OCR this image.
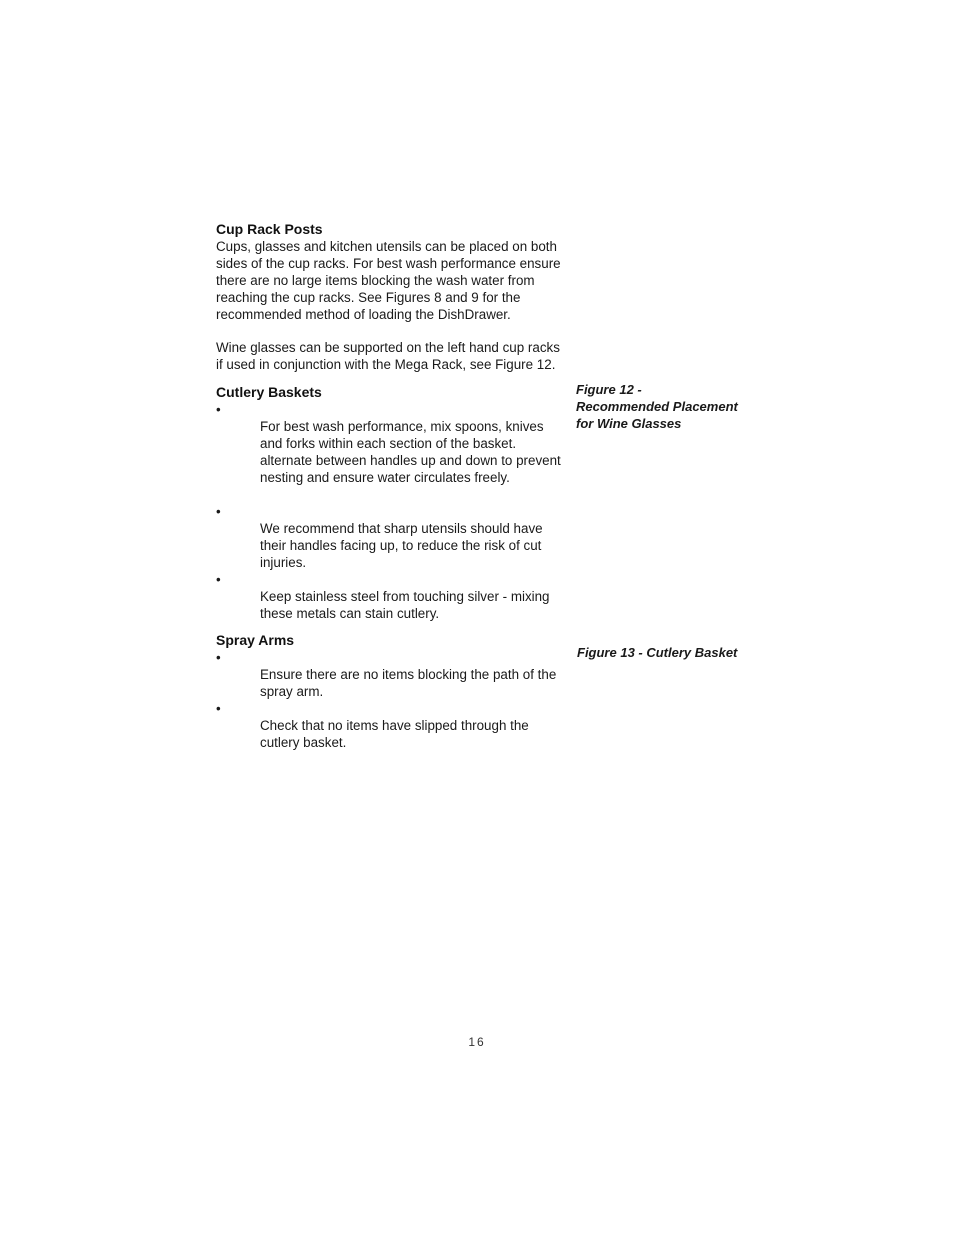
Cup Rack Posts

Cups, glasses and kitchen utensils can be placed on both
sides of the cup racks. For best wash performance ensure
there are no large items blocking the wash water from
reaching the cup racks. See Figures 8 and 9 for the
recommended method of loading the DishDrawer.

Wine glasses can be supported on the left hand cup racks
if used in conjunction with the Mega Rack, see Figure 12.

Cutlery Baskets

•
For best wash performance, mix spoons, knives
and forks within each section of the basket.
alternate between handles up and down to prevent
nesting and ensure water circulates freely.

•
We recommend that sharp utensils should have
their handles facing up, to reduce the risk of cut
injuries.

•
Keep stainless steel from touching silver - mixing
these metals can stain cutlery.

Spray Arms

•
Ensure there are no items blocking the path of the
spray arm.

•
Check that no items have slipped through the
cutlery basket.

Figure 12 -
Recommended Placement
for Wine Glasses
Figure 13 - Cutlery Basket
16
